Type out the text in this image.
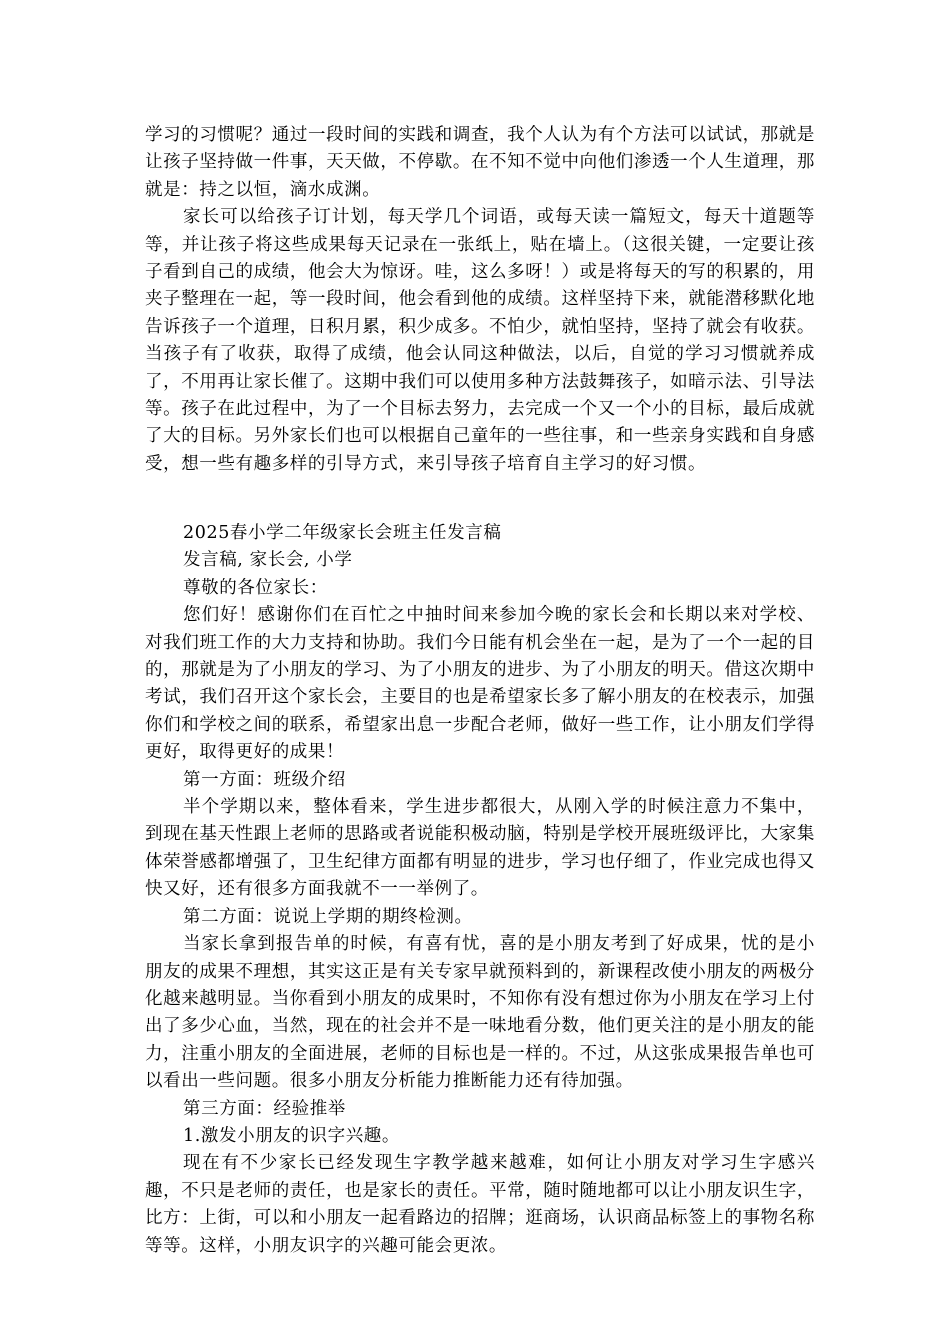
学习的习惯呢？通过一段时间的实践和调查，我个人认为有个方法可以试试，那就是让孩子坚持做一件事，天天做，不停歇。在不知不觉中向他们渗透一个人生道理，那就是：持之以恒，滴水成渊。

家长可以给孩子订计划，每天学几个词语，或每天读一篇短文，每天十道题等等，并让孩子将这些成果每天记录在一张纸上，贴在墙上。（这很关键，一定要让孩子看到自己的成绩，他会大为惊讶。哇，这么多呀！）或是将每天的写的积累的，用夹子整理在一起，等一段时间，他会看到他的成绩。这样坚持下来，就能潜移默化地告诉孩子一个道理，日积月累，积少成多。不怕少，就怕坚持，坚持了就会有收获。当孩子有了收获，取得了成绩，他会认同这种做法，以后，自觉的学习习惯就养成了，不用再让家长催了。这期中我们可以使用多种方法鼓舞孩子，如暗示法、引导法等。孩子在此过程中，为了一个目标去努力，去完成一个又一个小的目标，最后成就了大的目标。另外家长们也可以根据自己童年的一些往事，和一些亲身实践和自身感受，想一些有趣多样的引导方式，来引导孩子培育自主学习的好习惯。

2025春小学二年级家长会班主任发言稿

发言稿, 家长会, 小学

尊敬的各位家长：

您们好！感谢你们在百忙之中抽时间来参加今晚的家长会和长期以来对学校、对我们班工作的大力支持和协助。我们今日能有机会坐在一起，是为了一个一起的目的，那就是为了小朋友的学习、为了小朋友的进步、为了小朋友的明天。借这次期中考试，我们召开这个家长会，主要目的也是希望家长多了解小朋友的在校表示，加强你们和学校之间的联系，希望家出息一步配合老师，做好一些工作，让小朋友们学得更好，取得更好的成果！

第一方面：班级介绍

半个学期以来，整体看来，学生进步都很大，从刚入学的时候注意力不集中，到现在基天性跟上老师的思路或者说能积极动脑，特别是学校开展班级评比，大家集体荣誉感都增强了，卫生纪律方面都有明显的进步，学习也仔细了，作业完成也得又快又好，还有很多方面我就不一一举例了。

第二方面：说说上学期的期终检测。

当家长拿到报告单的时候，有喜有忧，喜的是小朋友考到了好成果，忧的是小朋友的成果不理想，其实这正是有关专家早就预料到的，新课程改使小朋友的两极分化越来越明显。当你看到小朋友的成果时，不知你有没有想过你为小朋友在学习上付出了多少心血，当然，现在的社会并不是一味地看分数，他们更关注的是小朋友的能力，注重小朋友的全面进展，老师的目标也是一样的。不过，从这张成果报告单也可以看出一些问题。很多小朋友分析能力推断能力还有待加强。

第三方面：经验推举

1.激发小朋友的识字兴趣。

现在有不少家长已经发现生字教学越来越难，如何让小朋友对学习生字感兴趣，不只是老师的责任，也是家长的责任。平常，随时随地都可以让小朋友识生字，比方：上街，可以和小朋友一起看路边的招牌；逛商场，认识商品标签上的事物名称等等。这样，小朋友识字的兴趣可能会更浓。
